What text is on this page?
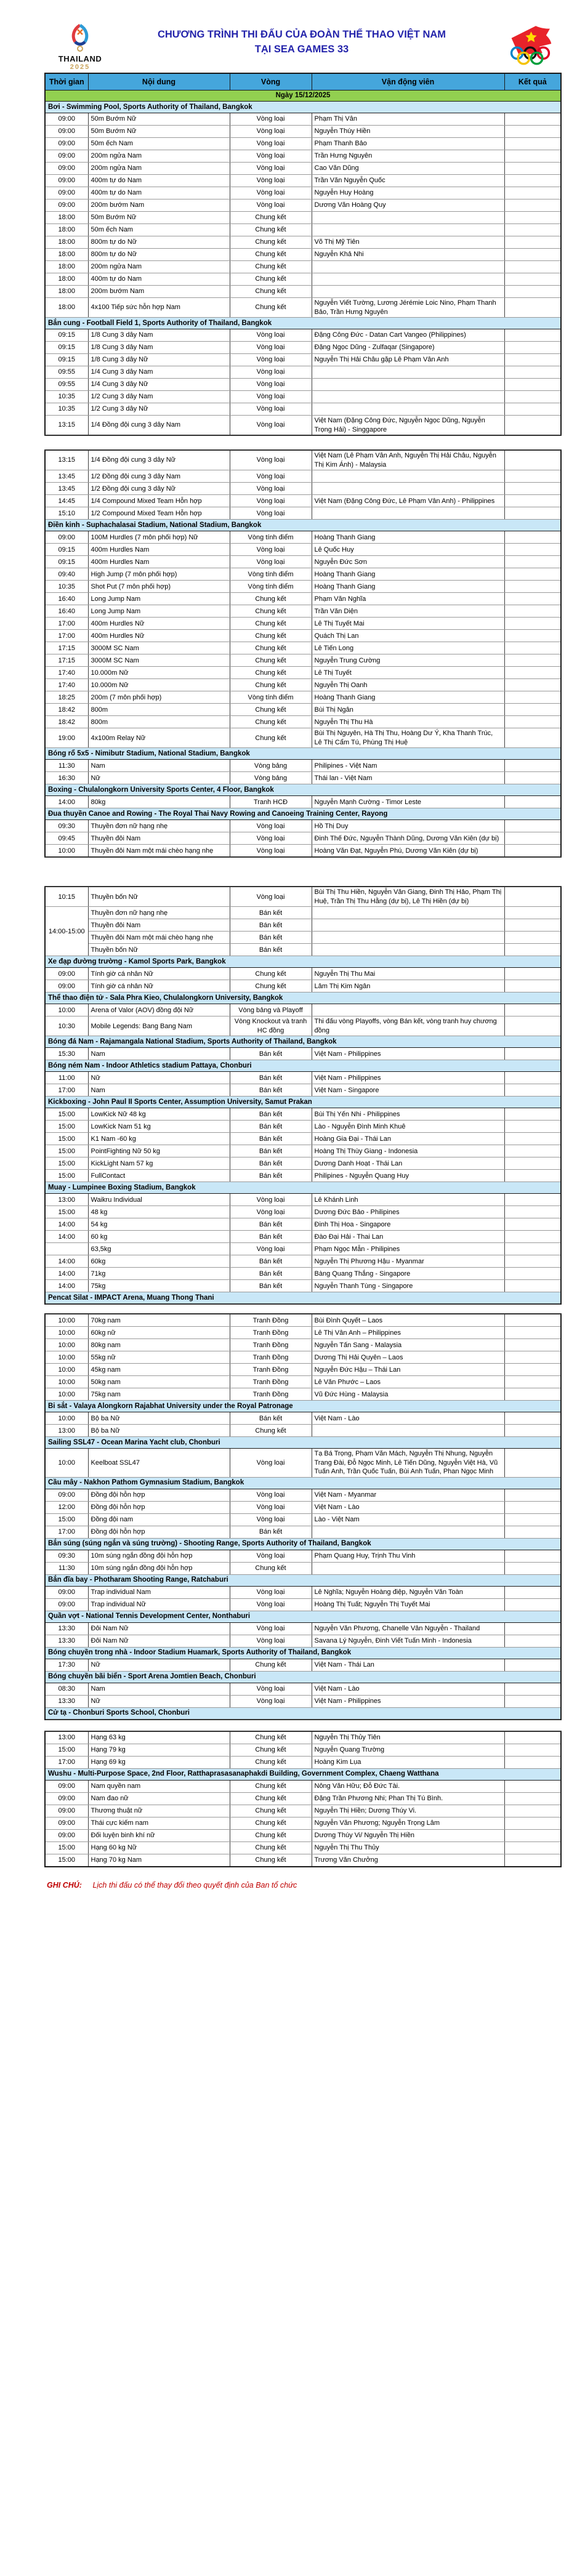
THAILAND
2025
CHƯƠNG TRÌNH THI ĐẤU CỦA ĐOÀN THỂ THAO VIỆT NAM
TẠI SEA GAMES 33
Thời gian	Nội dung	Vòng	Vận động viên	Kết quả
Ngày 15/12/2025				
Bơi - Swimming Pool, Sports Authority of Thailand, Bangkok				
09:00	50m Bướm Nữ	Vòng loại	Phạm Thị Vân	
09:00	50m Bướm Nữ	Vòng loại	Nguyễn Thúy Hiền	
09:00	50m ếch Nam	Vòng loại	Phạm Thanh Bảo	
09:00	200m ngửa Nam	Vòng loại	Trần Hưng Nguyên	
09:00	200m ngửa Nam	Vòng loại	Cao Văn Dũng	
09:00	400m tự do Nam	Vòng loại	Trần Văn Nguyễn Quốc	
09:00	400m tự do Nam	Vòng loại	Nguyễn Huy Hoàng	
09:00	200m bướm Nam	Vòng loại	Dương Văn Hoàng Quy	
18:00	50m Bướm Nữ	Chung kết		
18:00	50m ếch Nam	Chung kết		
18:00	800m tự do Nữ	Chung kết	Võ Thị Mỹ Tiên	
18:00	800m tự do Nữ	Chung kết	Nguyễn Khả Nhi	
18:00	200m ngửa Nam	Chung kết		
18:00	400m tự do Nam	Chung kết		
18:00	200m bướm Nam	Chung kết		
18:00	4x100 Tiếp sức hỗn hợp Nam	Chung kết	Nguyễn Viết Tường, Lương Jérémie Loic Nino, Phạm Thanh Bảo, Trần Hưng Nguyên	
Bắn cung - Football Field 1, Sports Authority of Thailand, Bangkok				
09:15	1/8 Cung 3 dây Nam	Vòng loại	Đặng Công Đức - Datan Cart Vangeo (Philippines)	
09:15	1/8 Cung 3 dây Nam	Vòng loại	Đặng Ngọc Dũng - Zulfaqar (Singapore)	
09:15	1/8 Cung 3 dây Nữ	Vòng loại	Nguyễn Thị Hải Châu gặp Lê Phạm Vân Anh	
09:55	1/4 Cung 3 dây Nam	Vòng loại		
09:55	1/4 Cung 3 dây Nữ	Vòng loại		
10:35	1/2 Cung 3 dây Nam	Vòng loại		
10:35	1/2 Cung 3 dây Nữ	Vòng loại		
13:15	1/4 Đồng đội cung 3 dây Nam	Vòng loại	Việt Nam (Đặng Công Đức, Nguyễn Ngọc Dũng, Nguyễn Trọng Hải) - Singgapore	

13:15	1/4 Đồng đội cung 3 dây Nữ	Vòng loại	Việt Nam (Lê Phạm Vân Anh, Nguyễn Thị Hải Châu, Nguyễn Thị Kim Ánh) - Malaysia	
13:45	1/2 Đồng đội cung 3 dây Nam	Vòng loại		
13:45	1/2 Đồng đội cung 3 dây Nữ	Vòng loại		
14:45	1/4 Compound Mixed Team Hỗn hợp	Vòng loại	Việt Nam (Đặng Công Đức, Lê Phạm Vân Anh) - Philippines	
15:10	1/2 Compound Mixed Team Hỗn hợp	Vòng loại		
Điền kinh - Suphachalasai Stadium, National Stadium, Bangkok				
09:00	100M Hurdles (7 môn phối hợp) Nữ	Vòng tính điểm	Hoàng Thanh Giang	
09:15	400m Hurdles Nam	Vòng loại	Lê Quốc Huy	
09:15	400m Hurdles Nam	Vòng loại	Nguyễn Đức Sơn	
09:40	High Jump (7 môn phối hợp)	Vòng tính điểm	Hoàng Thanh Giang	
10:35	Shot Put (7 môn phối hợp)	Vòng tính điểm	Hoàng Thanh Giang	
16:40	Long Jump Nam	Chung kết	Phạm Văn Nghĩa	
16:40	Long Jump Nam	Chung kết	Trần Văn Diện	
17:00	400m Hurdles Nữ	Chung kết	Lê Thị Tuyết Mai	
17:00	400m Hurdles Nữ	Chung kết	Quách Thị Lan	
17:15	3000M SC Nam	Chung kết	Lê Tiến Long	
17:15	3000M SC Nam	Chung kết	Nguyễn Trung Cường	
17:40	10.000m Nữ	Chung kết	Lê Thị Tuyết	
17:40	10.000m Nữ	Chung kết	Nguyễn Thị Oanh	
18:25	200m (7 môn phối hợp)	Vòng tính điểm	Hoàng Thanh Giang	
18:42	800m	Chung kết	Bùi Thị Ngân	
18:42	800m	Chung kết	Nguyễn Thị Thu Hà	
19:00	4x100m Relay Nữ	Chung kết	Bùi Thị Nguyên, Hà Thị Thu, Hoàng Dư Ý, Kha Thanh Trúc, Lê Thị Cẩm Tú, Phùng Thị Huệ	
Bóng rổ 5x5 - Nimibutr Stadium, National Stadium, Bangkok				
11:30	Nam	Vòng bảng	Philipines - Việt Nam	
16:30	Nữ	Vòng bảng	Thái lan - Việt Nam	
Boxing - Chulalongkorn University Sports Center, 4 Floor, Bangkok				
14:00	80kg	Tranh HCĐ	Nguyễn Mạnh Cường - Timor Leste	
Đua thuyền Canoe and Rowing - The Royal Thai Navy Rowing and Canoeing Training Center, Rayong				
09:30	Thuyền đơn nữ hạng nhẹ	Vòng loại	Hồ Thị Duy	
09:45	Thuyền đôi Nam	Vòng loại	Đinh Thế Đức, Nguyễn Thành Dũng, Dương Văn Kiên (dự bị)	
10:00	Thuyền đôi Nam một mái chèo hạng nhẹ	Vòng loại	Hoàng Văn Đạt, Nguyễn Phú, Dương Văn Kiên (dự bị)	

10:15	Thuyền bốn Nữ	Vòng loại	Bùi Thị Thu Hiền, Nguyễn Văn Giang, Đinh Thị Hảo, Phạm Thị Huệ, Trần Thị Thu Hằng (dự bị), Lê Thị Hiền (dự bị)	
14:00-15:00	Thuyền đơn nữ hạng nhẹ	Bán kết		
	Thuyền đôi Nam	Bán kết		
	Thuyền đôi Nam một mái chèo hạng nhẹ	Bán kết		
	Thuyền bốn Nữ	Bán kết		
Xe đạp đường trường - Kamol Sports Park, Bangkok				
09:00	Tính giờ cá nhân Nữ	Chung kết	Nguyễn Thị Thu Mai	
09:00	Tính giờ cá nhân Nữ	Chung kết	Lâm Thị Kim Ngân	
Thể thao điện tử - Sala Phra Kieo, Chulalongkorn University, Bangkok				
10:00	Arena of Valor (AOV) đồng đội Nữ	Vòng bảng và Playoff		
10:30	Mobile Legends: Bang Bang Nam	Vòng Knockout và tranh HC đồng	Thi đấu vòng Playoffs, vòng Bán kết, vòng tranh huy chương đồng	
Bóng đá Nam - Rajamangala National Stadium, Sports Authority of Thailand, Bangkok				
15:30	Nam	Bán kết	Việt Nam - Philippines	
Bóng ném Nam - Indoor Athletics stadium Pattaya, Chonburi				
11:00	Nữ	Bán kết	Việt Nam - Philippines	
17:00	Nam	Bán kết	Việt Nam - Singapore	
Kickboxing - John Paul II Sports Center, Assumption University, Samut Prakan				
15:00	LowKick Nữ 48 kg	Bán kết	Bùi Thị Yến Nhi - Philippines	
15:00	LowKick Nam 51 kg	Bán kết	Lào - Nguyễn Đình Minh Khuê	
15:00	K1 Nam -60 kg	Bán kết	Hoàng Gia Đại - Thái Lan	
15:00	PointFighting Nữ 50 kg	Bán kết	Hoàng Thị Thùy Giang - Indonesia	
15:00	KickLight Nam 57 kg	Bán kết	Dương Danh Hoạt - Thái Lan	
15:00	FullContact	Bán kết	Philipines - Nguyễn Quang Huy	
Muay - Lumpinee Boxing Stadium, Bangkok				
13:00	Waikru Individual	Vòng loại	Lê Khánh Linh	
15:00	48 kg	Vòng loại	Dương Đức Bảo - Philipines	
14:00	54 kg	Bán kết	Đinh Thị Hoa - Singapore	
14:00	60 kg	Bán kết	Đào Đại Hải - Thai Lan	
	63,5kg	Vòng loại	Phạm Ngọc Mẫn - Philipines	
14:00	60kg	Bán kết	Nguyễn Thị Phương Hậu - Myanmar	
14:00	71kg	Bán kết	Bàng Quang Thắng - Singapore	
14:00	75kg	Bán kết	Nguyễn Thanh Tùng - Singapore	
Pencat Silat - IMPACT Arena, Muang Thong Thani				

10:00	70kg nam	Tranh Đồng	Bùi Đình Quyết – Laos	
10:00	60kg nữ	Tranh Đồng	Lê Thị Vân Anh – Philippines	
10:00	80kg nam	Tranh Đồng	Nguyễn Tấn Sang - Malaysia	
10:00	55kg nữ	Tranh Đồng	Dương Thị Hải Quyên – Laos	
10:00	45kg nam	Tranh Đồng	Nguyễn Đức Hậu – Thái Lan	
10:00	50kg nam	Tranh Đồng	Lê Văn Phước – Laos	
10:00	75kg nam	Tranh Đồng	Vũ Đức Hùng - Malaysia	
Bi sắt - Valaya Alongkorn Rajabhat University under the Royal Patronage				
10:00	Bộ ba Nữ	Bán kết	Việt Nam - Lào	
13:00	Bộ ba Nữ	Chung kết		
Sailing SSL47 - Ocean Marina Yacht club, Chonburi				
10:00	Keelboat SSL47	Vòng loại	Tạ Bá Trọng, Phạm Văn Mách, Nguyễn Thị Nhung, Nguyễn Trang Đài, Đỗ Ngọc Minh, Lê Tiến Dũng, Nguyễn Việt Hà, Vũ Tuấn Anh, Trần Quốc Tuấn, Bùi Anh Tuấn, Phan Ngọc Minh	
Cầu mây - Nakhon Pathom Gymnasium Stadium, Bangkok				
09:00	Đồng đội hỗn hợp	Vòng loại	Việt Nam - Myanmar	
12:00	Đồng đội hỗn hợp	Vòng loại	Việt Nam - Lào	
15:00	Đồng đội nam	Vòng loại	Lào - Việt Nam	
17:00	Đồng đội hỗn hợp	Bán kết		
Bắn súng (súng ngắn và súng trường) - Shooting Range, Sports Authority of Thailand, Bangkok				
09:30	10m súng ngắn đồng đội hỗn hợp	Vòng loại	Phạm Quang Huy, Trịnh Thu Vinh	
11:30	10m súng ngắn đồng đội hỗn hợp	Chung kết		
Bắn đĩa bay - Photharam Shooting Range, Ratchaburi				
09:00	Trap individual Nam	Vòng loại	Lê Nghĩa; Nguyễn Hoàng điệp, Nguyễn Văn Toàn	
09:00	Trap individual Nữ	Vòng loại	Hoàng Thị Tuất; Nguyễn Thị Tuyết Mai	
Quần vợt - National Tennis Development Center, Nonthaburi				
13:30	Đôi Nam Nữ	Vòng loại	Nguyễn Văn Phương, Chanelle Vân Nguyễn - Thailand	
13:30	Đôi Nam Nữ	Vòng loại	Savana Lý Nguyễn, Đinh Viết Tuấn Minh - Indonesia	
Bóng chuyền trong nhà - Indoor Stadium Huamark, Sports Authority of Thailand, Bangkok				
17:30	Nữ	Chung kết	Việt Nam - Thái Lan	
Bóng chuyền bãi biển - Sport Arena Jomtien Beach, Chonburi				
08:30	Nam	Vòng loại	Việt Nam - Lào	
13:30	Nữ	Vòng loại	Việt Nam - Philippines	
Cử tạ - Chonburi Sports School, Chonburi				

13:00	Hạng 63 kg	Chung kết	Nguyễn Thị Thủy Tiên	
15:00	Hạng 79 kg	Chung kết	Nguyễn Quang Trường	
17:00	Hạng 69 kg	Chung kết	Hoàng Kim Lụa	
Wushu - Multi-Purpose Space, 2nd Floor, Ratthaprasasanaphakdi Building, Government Complex, Chaeng Watthana				
09:00	Nam quyền nam	Chung kết	Nông Văn Hữu; Đỗ Đức Tài.	
09:00	Nam đao nữ	Chung kết	Đặng Trần Phương Nhi; Phan Thị Tú Bình.	
09:00	Thương thuật nữ	Chung kết	Nguyễn Thị Hiền; Dương Thúy Vi.	
09:00	Thái cực kiếm nam	Chung kết	Nguyễn Văn Phương; Nguyễn Trọng Lâm	
09:00	Đối luyện binh khí nữ	Chung kết	Dương Thúy Vi/ Nguyễn Thị Hiền	
15:00	Hạng 60 kg Nữ	Chung kết	Nguyễn Thị Thu Thủy	
15:00	Hạng 70 kg Nam	Chung kết	Trương Văn Chưởng	
GHI CHÚ: Lịch thi đấu có thể thay đổi theo quyết định của Ban tổ chức
